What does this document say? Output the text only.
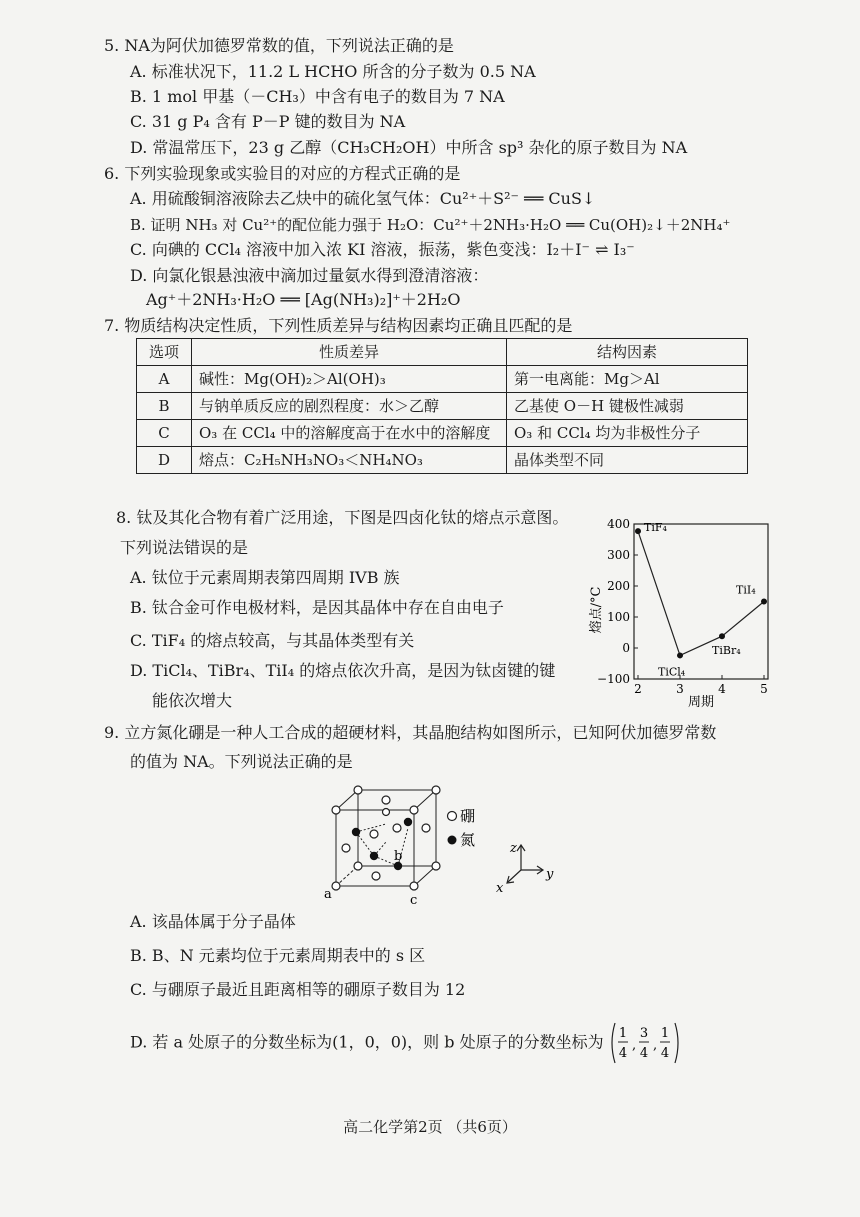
5. NA为阿伏加德罗常数的值，下列说法正确的是
A. 标准状况下，11.2 L HCHO 所含的分子数为 0.5 NA
B. 1 mol 甲基（－CH₃）中含有电子的数目为 7 NA
C. 31 g P₄ 含有 P－P 键的数目为 NA
D. 常温常压下，23 g 乙醇（CH₃CH₂OH）中所含 sp³ 杂化的原子数目为 NA
6. 下列实验现象或实验目的对应的方程式正确的是
A. 用硫酸铜溶液除去乙炔中的硫化氢气体：Cu²⁺＋S²⁻ ══ CuS↓
B. 证明 NH₃ 对 Cu²⁺的配位能力强于 H₂O：Cu²⁺＋2NH₃·H₂O ══ Cu(OH)₂↓＋2NH₄⁺
C. 向碘的 CCl₄ 溶液中加入浓 KI 溶液，振荡，紫色变浅：I₂＋I⁻ ⇌ I₃⁻
D. 向氯化银悬浊液中滴加过量氨水得到澄清溶液：
Ag⁺＋2NH₃·H₂O ══ [Ag(NH₃)₂]⁺＋2H₂O
7. 物质结构决定性质，下列性质差异与结构因素均正确且匹配的是
选项	性质差异	结构因素
A	碱性：Mg(OH)₂＞Al(OH)₃	第一电离能：Mg＞Al
B	与钠单质反应的剧烈程度：水＞乙醇	乙基使 O－H 键极性减弱
C	O₃ 在 CCl₄ 中的溶解度高于在水中的溶解度	O₃ 和 CCl₄ 均为非极性分子
D	熔点：C₂H₅NH₃NO₃＜NH₄NO₃	晶体类型不同
8. 钛及其化合物有着广泛用途，下图是四卤化钛的熔点示意图。
下列说法错误的是
A. 钛位于元素周期表第四周期 IVB 族
B. 钛合金可作电极材料，是因其晶体中存在自由电子
C. TiF₄ 的熔点较高，与其晶体类型有关
D. TiCl₄、TiBr₄、TiI₄ 的熔点依次升高，是因为钛卤键的键
能依次增大
400
300
200
100
0
−100
2	3	4	5
TiF₄
TiCl₄
TiBr₄
TiI₄
熔点/°C
周期
9. 立方氮化硼是一种人工合成的超硬材料，其晶胞结构如图所示，已知阿伏加德罗常数
的值为 NA。下列说法正确的是
a
b
c
硼
氮	z
y
x
A. 该晶体属于分子晶体
B. B、N 元素均位于元素周期表中的 s 区
C. 与硼原子最近且距离相等的硼原子数目为 12
D. 若 a 处原子的分数坐标为(1，0，0)，则 b 处原子的分数坐标为 1
4
,
3
4
,
1
4
高二化学第2页 （共6页）
